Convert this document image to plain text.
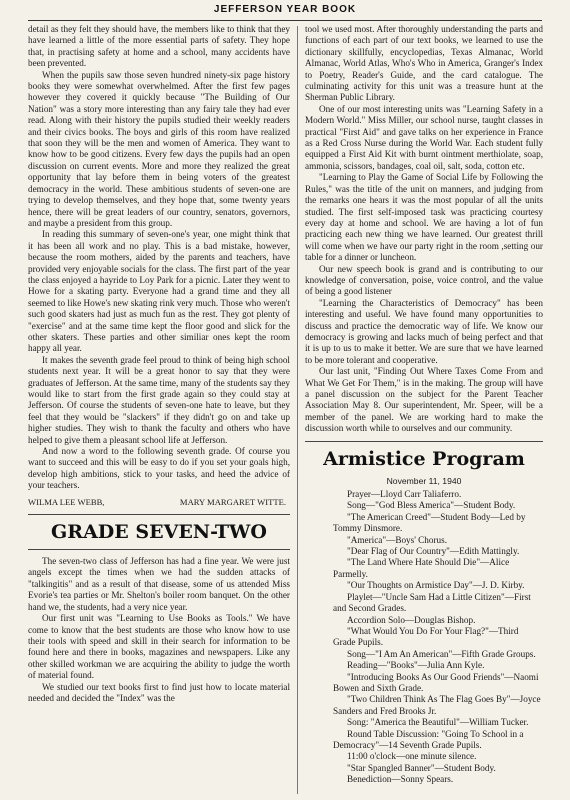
JEFFERSON YEAR BOOK

detail as they felt they should have, the members like to think that they have learned a little of the more essential parts of safety. They hope that, in practising safety at home and a school, many accidents have been prevented.

When the pupils saw those seven hundred ninety-six page history books they were somewhat overwhelmed. After the first few pages however they covered it quickly because "The Building of Our Nation" was a story more interesting than any fairy tale they had ever read. Along with their history the pupils studied their weekly readers and their civics books. The boys and girls of this room have realized that soon they will be the men and women of America. They want to know how to be good citizens. Every few days the pupils had an open discussion on current events. More and more they realized the great opportunity that lay before them in being voters of the greatest democracy in the world. These ambitious students of seven-one are trying to develop themselves, and they hope that, some twenty years hence, there will be great leaders of our country, senators, governors, and maybe a president from this group.

In reading this summary of seven-one's year, one might think that it has been all work and no play. This is a bad mistake, however, because the room mothers, aided by the parents and teachers, have provided very enjoyable socials for the class. The first part of the year the class enjoyed a hayride to Loy Park for a picnic. Later they went to Howe for a skating party. Everyone had a grand time and they all seemed to like Howe's new skating rink very much. Those who weren't such good skaters had just as much fun as the rest. They got plenty of "exercise" and at the same time kept the floor good and slick for the other skaters. These parties and other similiar ones kept the room happy all year.

It makes the seventh grade feel proud to think of being high school students next year. It will be a great honor to say that they were graduates of Jefferson. At the same time, many of the students say they would like to start from the first grade again so they could stay at Jefferson. Of course the students of seven-one hate to leave, but they feel that they would be "slackers" if they didn't go on and take up higher studies. They wish to thank the faculty and others who have helped to give them a pleasant school life at Jefferson.

And now a word to the following seventh grade. Of course you want to succeed and this will be easy to do if you set your goals high, develop high ambitions, stick to your tasks, and heed the advice of your teachers.

WILMA LEE WEBB,	MARY MARGARET WITTE.
GRADE SEVEN-TWO

The seven-two class of Jefferson has had a fine year. We were just angels except the times when we had the sudden attacks of "talkingitis" and as a result of that disease, some of us attended Miss Evorie's tea parties or Mr. Shelton's boiler room banquet. On the other hand we, the students, had a very nice year.

Our first unit was "Learning to Use Books as Tools." We have come to know that the best students are those who know how to use their tools with speed and skill in their search for information to be found here and there in books, magazines and newspapers. Like any other skilled workman we are acquiring the ability to judge the worth of material found.

We studied our text books first to find just how to locate material needed and decided the "Index" was the

tool we used most. After thoroughly understanding the parts and functions of each part of our text books, we learned to use the dictionary skillfully, encyclopedias, Texas Almanac, World Almanac, World Atlas, Who's Who in America, Granger's Index to Poetry, Reader's Guide, and the card catalogue. The culminating activity for this unit was a treasure hunt at the Sherman Public Library.

One of our most interesting units was "Learning Safety in a Modern World." Miss Miller, our school nurse, taught classes in practical "First Aid" and gave talks on her experience in France as a Red Cross Nurse during the World War. Each student fully equipped a First Aid Kit with burnt ointment merthiolate, soap, ammonia, scissors, bandages, coal oil, salt, soda, cotton etc.

"Learning to Play the Game of Social Life by Following the Rules," was the title of the unit on manners, and judging from the remarks one hears it was the most popular of all the units studied. The first self-imposed task was practicing courtesy every day at home and school. We are having a lot of fun practicing each new thing we have learned. Our greatest thrill will come when we have our party right in the room ,setting our table for a dinner or luncheon.

Our new speech book is grand and is contributing to our knowledge of conversation, poise, voice control, and the value of being a good listener

"Learning the Characteristics of Democracy" has been interesting and useful. We have found many opportunities to discuss and practice the democratic way of life. We know our democracy is growing and lacks much of being perfect and that it is up to us to make it better. We are sure that we have learned to be more tolerant and cooperative.

Our last unit, "Finding Out Where Taxes Come From and What We Get For Them," is in the making. The group will have a panel discussion on the subject for the Parent Teacher Association May 8. Our superintendent, Mr. Speer, will be a member of the panel. We are working hard to make the discussion worth while to ourselves and our community.

Armistice Program
November 11, 1940

Prayer—Lloyd Carr Taliaferro.

Song—"God Bless America"—Student Body.

"The American Creed"—Student Body—Led by Tommy Dinsmore.

"America"—Boys' Chorus.

"Dear Flag of Our Country"—Edith Mattingly.

"The Land Where Hate Should Die"—Alice Parmelly.

"Our Thoughts on Armistice Day"—J. D. Kirby.

Playlet—"Uncle Sam Had a Little Citizen"—First and Second Grades.

Accordion Solo—Douglas Bishop.

"What Would You Do For Your Flag?"—Third Grade Pupils.

Song—"I Am An American"—Fifth Grade Groups.

Reading—"Books"—Julia Ann Kyle.

"Introducing Books As Our Good Friends"—Naomi Bowen and Sixth Grade.

"Two Children Think As The Flag Goes By"—Joyce Sanders and Fred Brooks Jr.

Song: "America the Beautiful"—William Tucker.

Round Table Discussion: "Going To School in a Democracy"—14 Seventh Grade Pupils.

11:00 o'clock—one minute silence.

"Star Spangled Banner"—Student Body.

Benediction—Sonny Spears.
